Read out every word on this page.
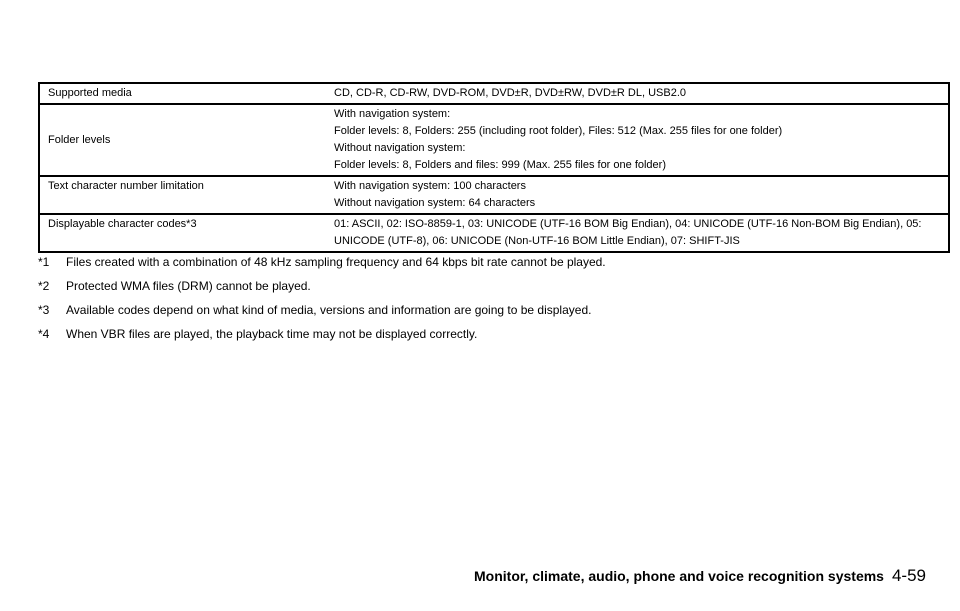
Supported media	CD, CD-R, CD-RW, DVD-ROM, DVD±R, DVD±RW, DVD±R DL, USB2.0

Folder levels	With navigation system:
Folder levels: 8, Folders: 255 (including root folder), Files: 512 (Max. 255 files for one folder)
Without navigation system:
Folder levels: 8, Folders and files: 999 (Max. 255 files for one folder)

Text character number limitation	With navigation system: 100 characters
Without navigation system: 64 characters

Displayable character codes*3	01: ASCII, 02: ISO-8859-1, 03: UNICODE (UTF-16 BOM Big Endian), 04: UNICODE (UTF-16 Non-BOM Big Endian), 05: UNICODE (UTF-8), 06: UNICODE (Non-UTF-16 BOM Little Endian), 07: SHIFT-JIS
*1 Files created with a combination of 48 kHz sampling frequency and 64 kbps bit rate cannot be played.
*2 Protected WMA files (DRM) cannot be played.
*3 Available codes depend on what kind of media, versions and information are going to be displayed.
*4 When VBR files are played, the playback time may not be displayed correctly.
Monitor, climate, audio, phone and voice recognition systems 4-59
